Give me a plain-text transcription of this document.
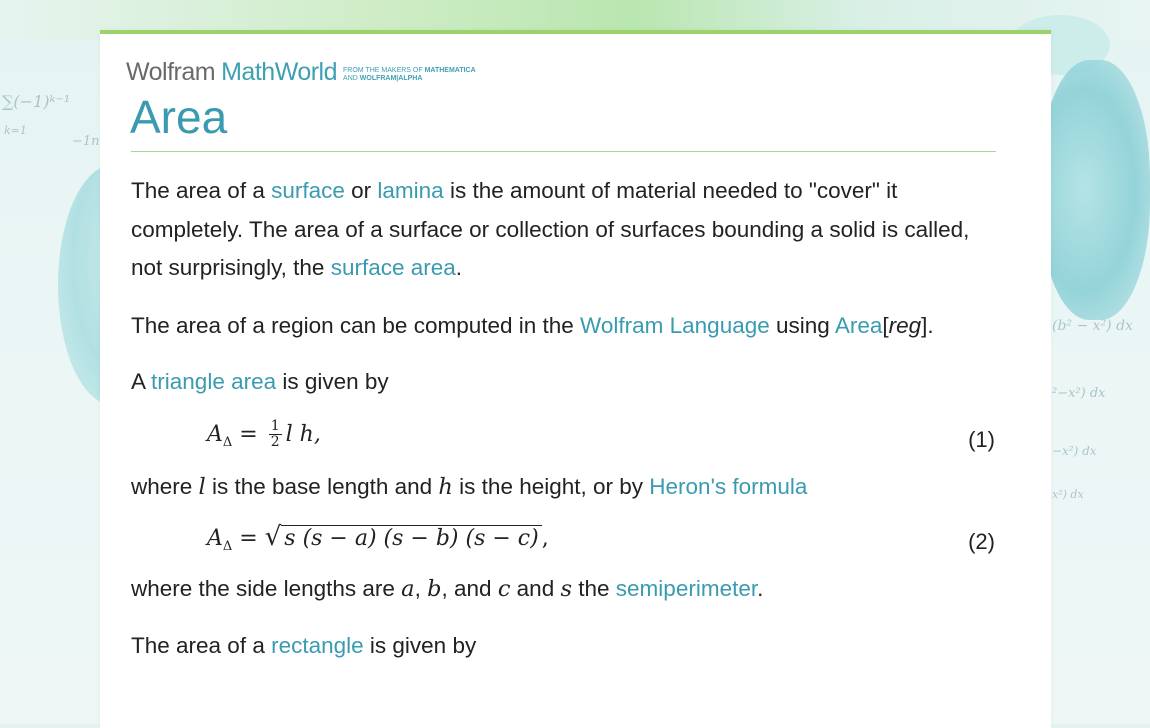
∑(−1)ᵏ⁻¹
k=1
−1n
(b² − x²) dx
²−x²) dx
−x²) dx
x²) dx
Wolfram MathWorld FROM THE MAKERS OF MATHEMATICA
AND WOLFRAM|ALPHA
Area

The area of a surface or lamina is the amount of material needed to "cover" it completely. The area of a surface or collection of surfaces bounding a solid is called, not surprisingly, the surface area.

The area of a region can be computed in the Wolfram Language using Area[reg].

A triangle area is given by

$A_\Delta = \frac{1}{2}$ l h,	(1)

where l is the base length and h is the height, or by Heron's formula

$A_\Delta$ = √ s (s − a) (s − b) (s − c) ,	(2)

where the side lengths are a, b, and c and s the semiperimeter.

The area of a rectangle is given by
